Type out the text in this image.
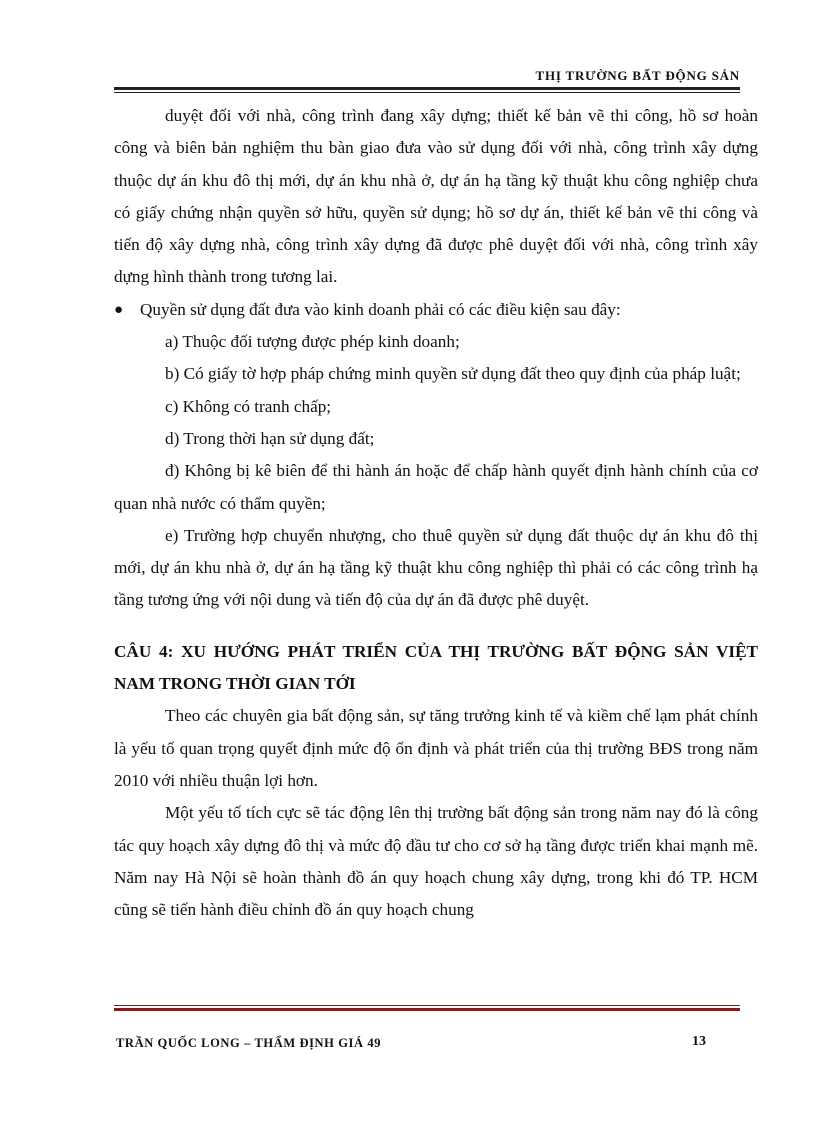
THỊ TRƯỜNG BẤT ĐỘNG SẢN

duyệt đối với nhà, công trình đang xây dựng; thiết kế bản vẽ thi công, hồ sơ hoàn công và biên bản nghiệm thu bàn giao đưa vào sử dụng đối với nhà, công trình xây dựng thuộc dự án khu đô thị mới, dự án khu nhà ở, dự án hạ tầng kỹ thuật khu công nghiệp chưa có giấy chứng nhận quyền sở hữu, quyền sử dụng; hồ sơ dự án, thiết kế bản vẽ thi công và tiến độ xây dựng nhà, công trình xây dựng đã được phê duyệt đối với nhà, công trình xây dựng hình thành trong tương lai.

● Quyền sử dụng đất đưa vào kinh doanh phải có các điều kiện sau đây:

a) Thuộc đối tượng được phép kinh doanh;

b) Có giấy tờ hợp pháp chứng minh quyền sử dụng đất theo quy định của pháp luật;

c) Không có tranh chấp;

d) Trong thời hạn sử dụng đất;

đ) Không bị kê biên để thi hành án hoặc để chấp hành quyết định hành chính của cơ quan nhà nước có thẩm quyền;

e) Trường hợp chuyển nhượng, cho thuê quyền sử dụng đất thuộc dự án khu đô thị mới, dự án khu nhà ở, dự án hạ tầng kỹ thuật khu công nghiệp thì phải có các công trình hạ tầng tương ứng với nội dung và tiến độ của dự án đã được phê duyệt.

CÂU 4: XU HƯỚNG PHÁT TRIỂN CỦA THỊ TRƯỜNG BẤT ĐỘNG SẢN VIỆT NAM TRONG THỜI GIAN TỚI

Theo các chuyên gia bất động sản, sự tăng trưởng kinh tế và kiềm chế lạm phát chính là yếu tố quan trọng quyết định mức độ ổn định và phát triển của thị trường BĐS trong năm 2010 với nhiều thuận lợi hơn.

Một yếu tố tích cực sẽ tác động lên thị trường bất động sản trong năm nay đó là công tác quy hoạch xây dựng đô thị và mức độ đầu tư cho cơ sở hạ tầng được triển khai mạnh mẽ. Năm nay Hà Nội sẽ hoàn thành đồ án quy hoạch chung xây dựng, trong khi đó TP. HCM cũng sẽ tiến hành điều chỉnh đồ án quy hoạch chung

TRẦN QUỐC LONG – THẨM ĐỊNH GIÁ 49	13
